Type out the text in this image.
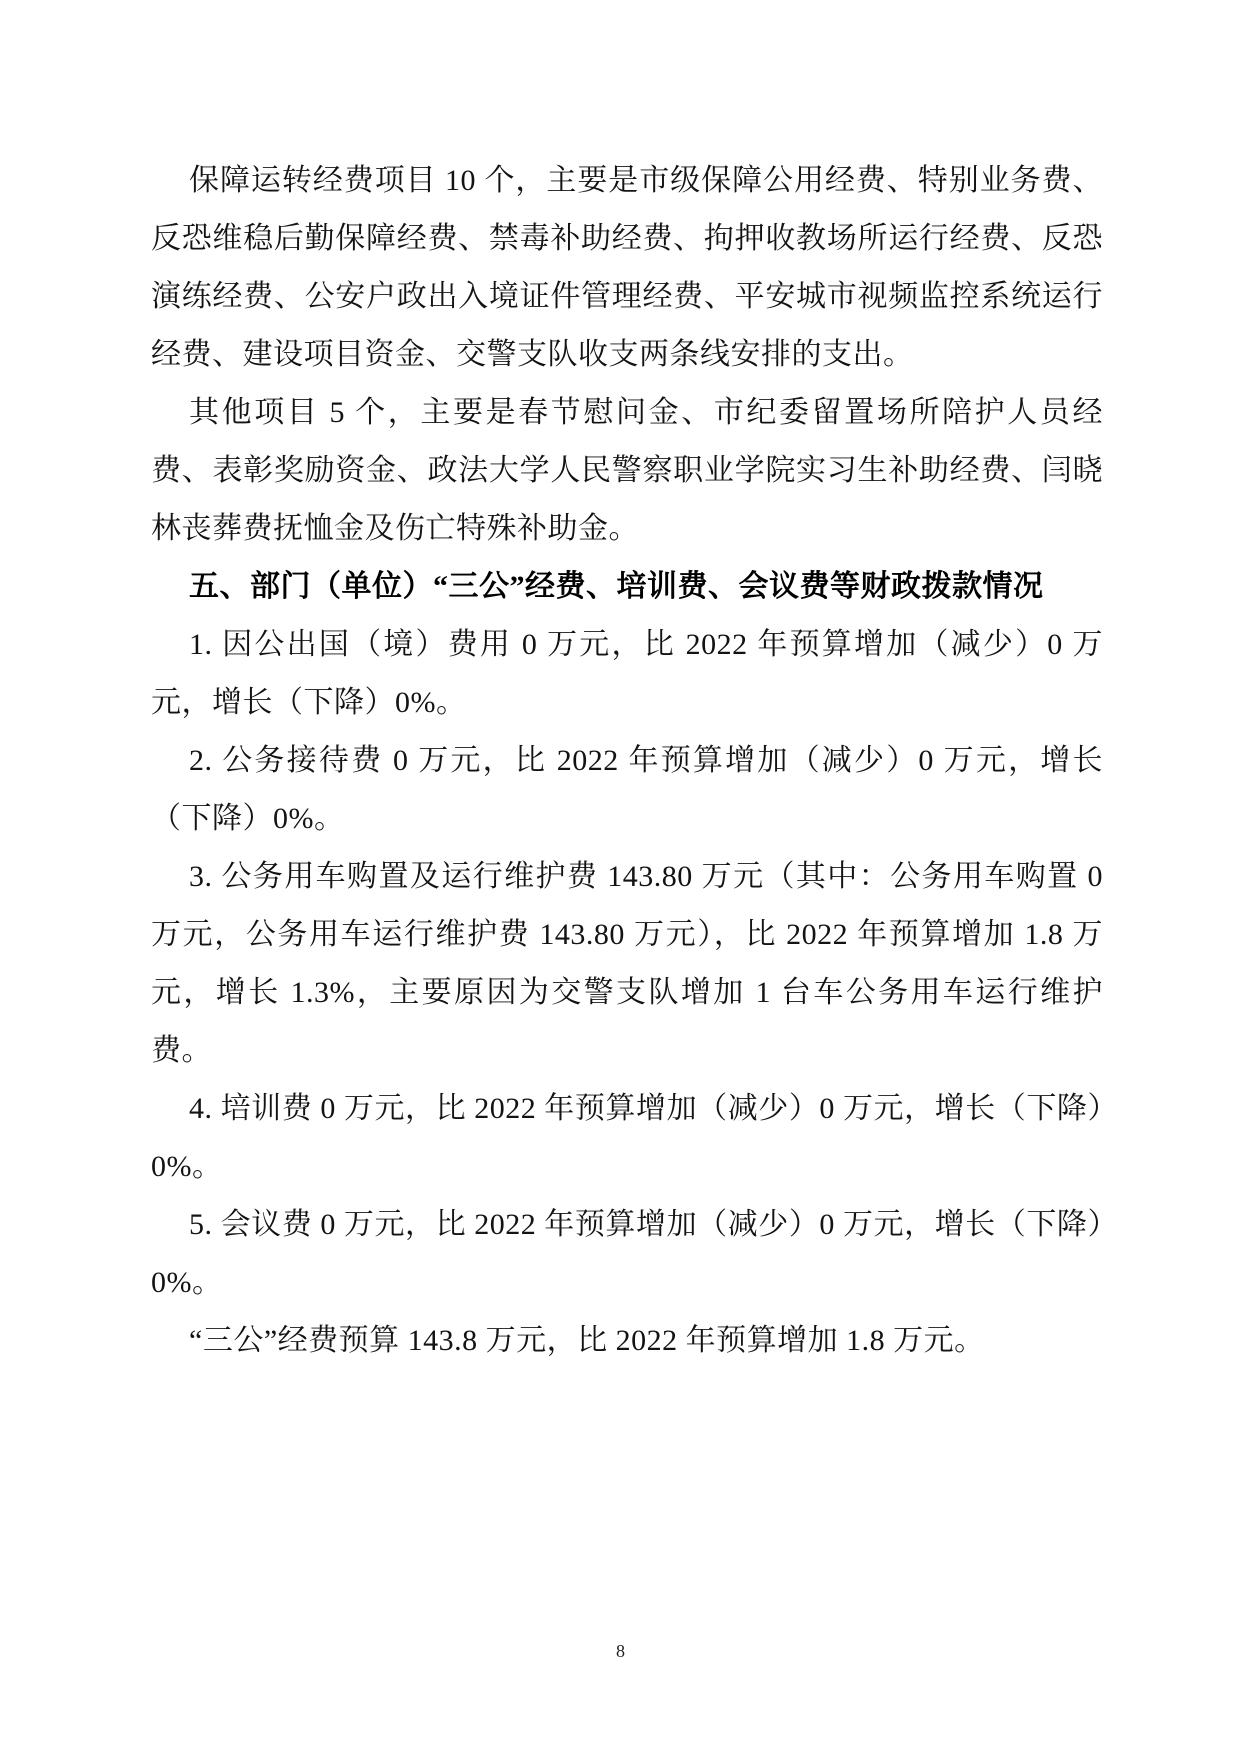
保障运转经费项目 10 个，主要是市级保障公用经费、特别业务费、反恐维稳后勤保障经费、禁毒补助经费、拘押收教场所运行经费、反恐演练经费、公安户政出入境证件管理经费、平安城市视频监控系统运行经费、建设项目资金、交警支队收支两条线安排的支出。

其他项目 5 个，主要是春节慰问金、市纪委留置场所陪护人员经费、表彰奖励资金、政法大学人民警察职业学院实习生补助经费、闫晓林丧葬费抚恤金及伤亡特殊补助金。

五、部门（单位）“三公”经费、培训费、会议费等财政拨款情况

1. 因公出国（境）费用 0 万元，比 2022 年预算增加（减少）0 万元，增长（下降）0%。

2. 公务接待费 0 万元，比 2022 年预算增加（减少）0 万元，增长（下降）0%。

3. 公务用车购置及运行维护费 143.80 万元（其中：公务用车购置 0 万元，公务用车运行维护费 143.80 万元），比 2022 年预算增加 1.8 万元，增长 1.3%，主要原因为交警支队增加 1 台车公务用车运行维护费。

4. 培训费 0 万元，比 2022 年预算增加（减少）0 万元，增长（下降）0%。

5. 会议费 0 万元，比 2022 年预算增加（减少）0 万元，增长（下降）0%。

“三公”经费预算 143.8 万元，比 2022 年预算增加 1.8 万元。

8
